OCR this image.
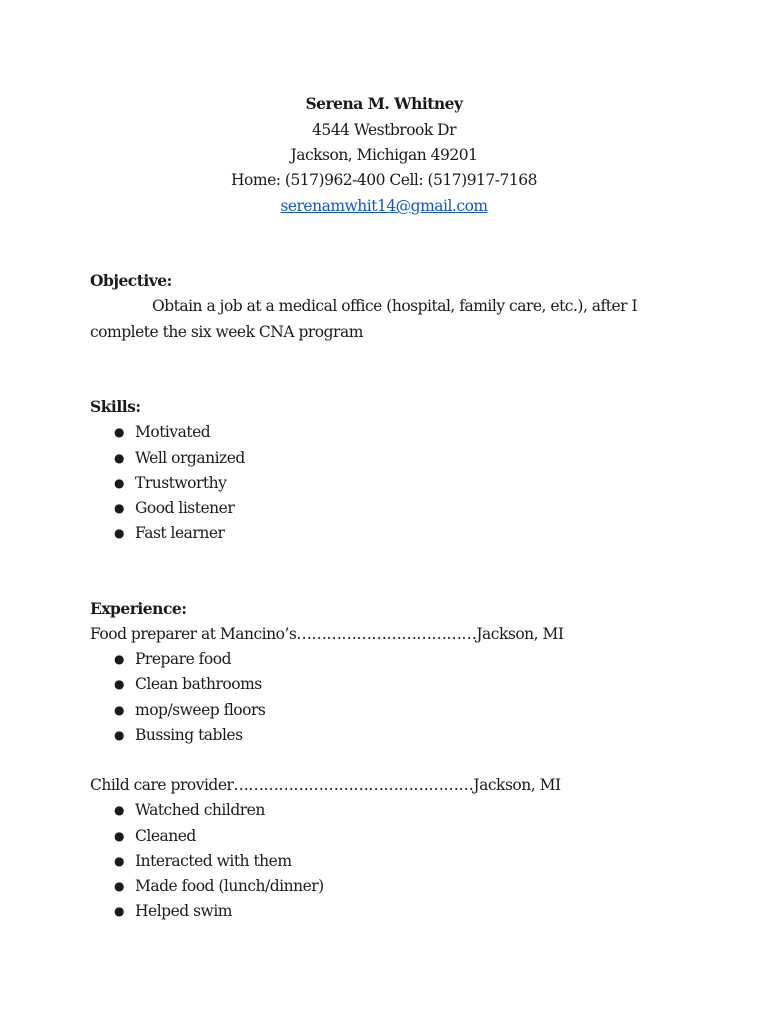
Serena M. Whitney
4544 Westbrook Dr
Jackson, Michigan 49201
Home: (517)962-400 Cell: (517)917-7168
serenamwhit14@gmail.com
Objective:
Obtain a job at a medical office (hospital, family care, etc.), after I
complete the six week CNA program
Skills:
● Motivated
● Well organized
● Trustworthy
● Good listener
● Fast learner
Experience:
Food preparer at Mancino’s………………………………Jackson, MI
● Prepare food
● Clean bathrooms
● mop/sweep floors
● Bussing tables
Child care provider…………………………………………Jackson, MI
● Watched children
● Cleaned
● Interacted with them
● Made food (lunch/dinner)
● Helped swim
